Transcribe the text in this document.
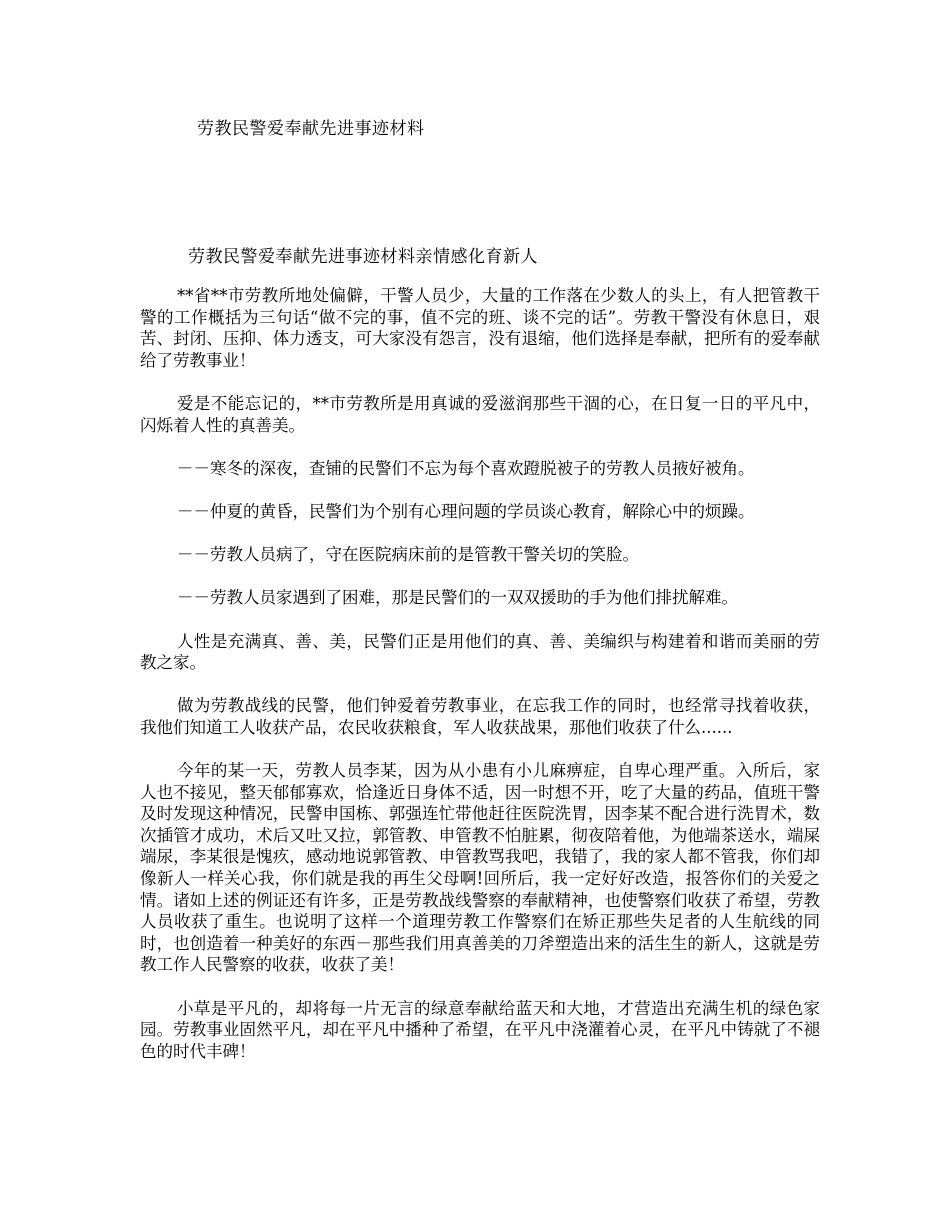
劳教民警爱奉献先进事迹材料
劳教民警爱奉献先进事迹材料亲情感化育新人

**省**市劳教所地处偏僻，干警人员少，大量的工作落在少数人的头上，有人把管教干警的工作概括为三句话“做不完的事，值不完的班、谈不完的话”。劳教干警没有休息日，艰苦、封闭、压抑、体力透支，可大家没有怨言，没有退缩，他们选择是奉献，把所有的爱奉献给了劳教事业！

爱是不能忘记的，**市劳教所是用真诚的爱滋润那些干涸的心，在日复一日的平凡中，闪烁着人性的真善美。

－－寒冬的深夜，查铺的民警们不忘为每个喜欢蹬脱被子的劳教人员掖好被角。

－－仲夏的黄昏，民警们为个别有心理问题的学员谈心教育，解除心中的烦躁。

－－劳教人员病了，守在医院病床前的是管教干警关切的笑脸。

－－劳教人员家遇到了困难，那是民警们的一双双援助的手为他们排扰解难。

人性是充满真、善、美，民警们正是用他们的真、善、美编织与构建着和谐而美丽的劳教之家。

做为劳教战线的民警，他们钟爱着劳教事业，在忘我工作的同时，也经常寻找着收获，我他们知道工人收获产品，农民收获粮食，军人收获战果，那他们收获了什么......

今年的某一天，劳教人员李某，因为从小患有小儿麻痹症，自卑心理严重。入所后，家人也不接见，整天郁郁寡欢，恰逢近日身体不适，因一时想不开，吃了大量的药品，值班干警及时发现这种情况，民警申国栋、郭强连忙带他赶往医院洗胃，因李某不配合进行洗胃术，数次插管才成功，术后又吐又拉，郭管教、申管教不怕脏累，彻夜陪着他，为他端茶送水，端屎端尿，李某很是愧疚，感动地说郭管教、申管教骂我吧，我错了，我的家人都不管我，你们却像新人一样关心我，你们就是我的再生父母啊!回所后，我一定好好改造，报答你们的关爱之情。诸如上述的例证还有许多，正是劳教战线警察的奉献精神，也使警察们收获了希望，劳教人员收获了重生。也说明了这样一个道理劳教工作警察们在矫正那些失足者的人生航线的同时，也创造着一种美好的东西－那些我们用真善美的刀斧塑造出来的活生生的新人，这就是劳教工作人民警察的收获，收获了美！

小草是平凡的，却将每一片无言的绿意奉献给蓝天和大地，才营造出充满生机的绿色家园。劳教事业固然平凡，却在平凡中播种了希望，在平凡中浇灌着心灵，在平凡中铸就了不褪色的时代丰碑！
